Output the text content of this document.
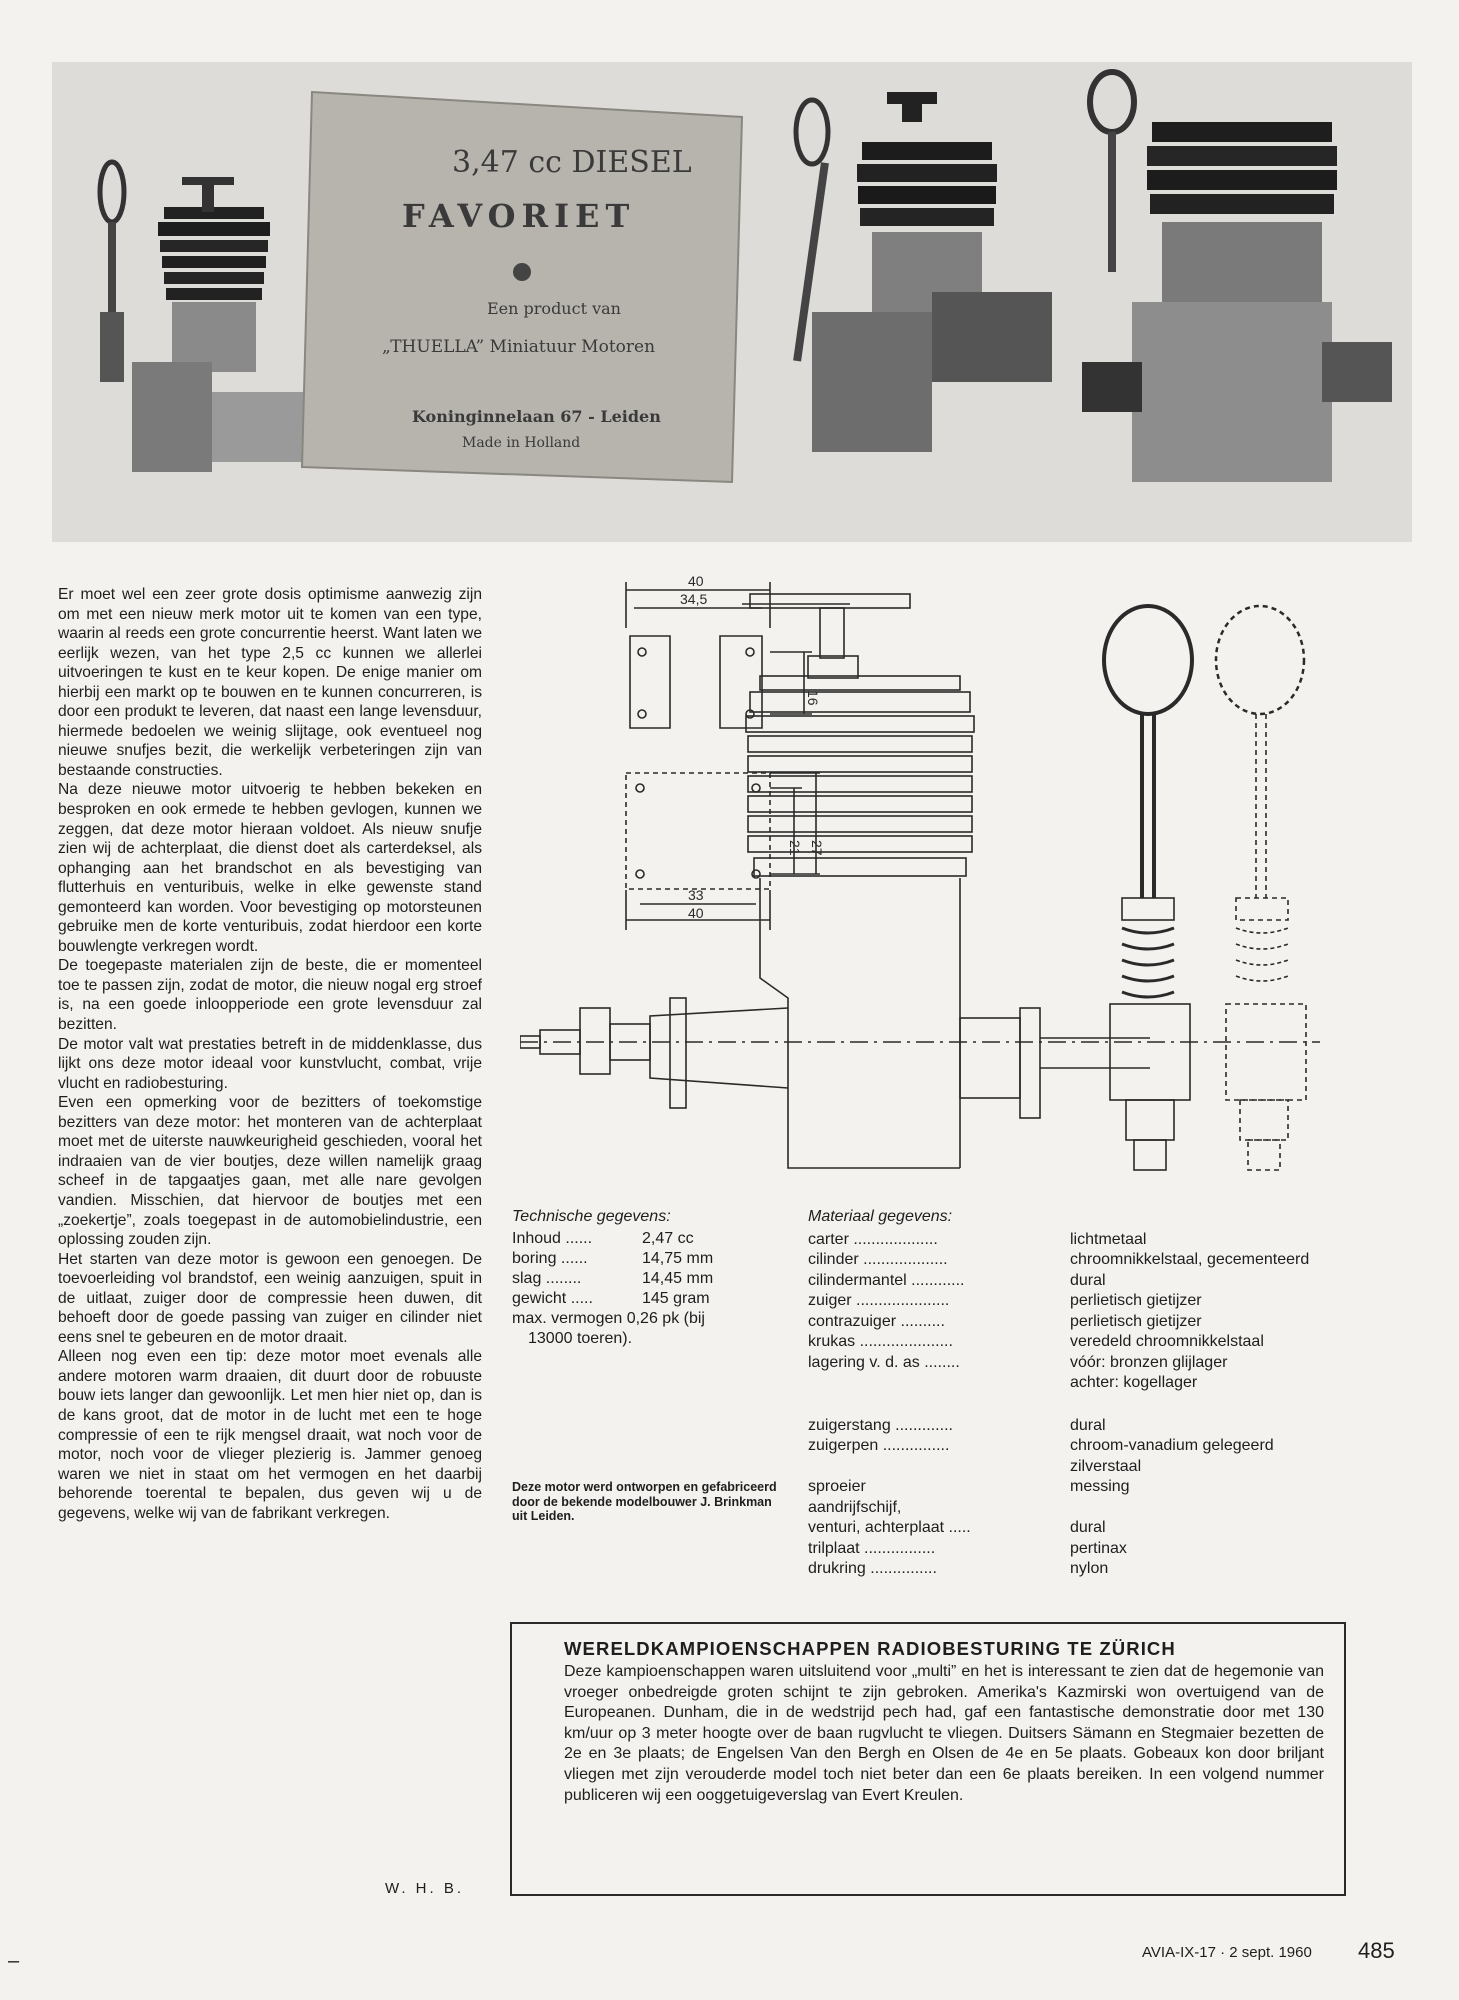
3,47 cc DIESEL
FAVORIET
Een product van
„THUELLA” Miniatuur Motoren
Koninginnelaan 67 - Leiden
Made in Holland

Er moet wel een zeer grote dosis optimisme aanwezig zijn om met een nieuw merk motor uit te komen van een type, waarin al reeds een grote concurrentie heerst. Want laten we eerlijk wezen, van het type 2,5 cc kunnen we allerlei uitvoeringen te kust en te keur kopen. De enige manier om hierbij een markt op te bouwen en te kunnen concurreren, is door een produkt te leveren, dat naast een lange levensduur, hiermede bedoelen we weinig slijtage, ook eventueel nog nieuwe snufjes bezit, die werkelijk verbeteringen zijn van bestaande constructies.

Na deze nieuwe motor uitvoerig te hebben bekeken en besproken en ook ermede te hebben gevlogen, kunnen we zeggen, dat deze motor hieraan voldoet. Als nieuw snufje zien wij de achterplaat, die dienst doet als carterdeksel, als ophanging aan het brandschot en als bevestiging van flutterhuis en venturibuis, welke in elke gewenste stand gemonteerd kan worden. Voor bevestiging op motorsteunen gebruike men de korte venturibuis, zodat hierdoor een korte bouwlengte verkregen wordt.

De toegepaste materialen zijn de beste, die er momenteel toe te passen zijn, zodat de motor, die nieuw nogal erg stroef is, na een goede inloopperiode een grote levensduur zal bezitten.

De motor valt wat prestaties betreft in de middenklasse, dus lijkt ons deze motor ideaal voor kunstvlucht, combat, vrije vlucht en radiobesturing.

Even een opmerking voor de bezitters of toekomstige bezitters van deze motor: het monteren van de achterplaat moet met de uiterste nauwkeurigheid geschieden, vooral het indraaien van de vier boutjes, deze willen namelijk graag scheef in de tapgaatjes gaan, met alle nare gevolgen vandien. Misschien, dat hiervoor de boutjes met een „zoekertje”, zoals toegepast in de automobielindustrie, een oplossing zouden zijn.

Het starten van deze motor is gewoon een genoegen. De toevoerleiding vol brandstof, een weinig aanzuigen, spuit in de uitlaat, zuiger door de compressie heen duwen, dit behoeft door de goede passing van zuiger en cilinder niet eens snel te gebeuren en de motor draait.

Alleen nog even een tip: deze motor moet evenals alle andere motoren warm draaien, dit duurt door de robuuste bouw iets langer dan gewoonlijk. Let men hier niet op, dan is de kans groot, dat de motor in de lucht met een te hoge compressie of een te rijk mengsel draait, wat noch voor de motor, noch voor de vlieger plezierig is. Jammer genoeg waren we niet in staat om het vermogen en het daarbij behorende toerental te bepalen, dus geven wij u de gegevens, welke wij van de fabrikant verkregen.

W. H. B.
40
34,5
16
21 27
33
40
Technische gegevens:
Inhoud ......	2,47 cc
boring ......	14,75 mm
slag ........	14,45 mm
gewicht .....	145 gram
max. vermogen 0,26 pk (bij
13000 toeren).
Deze motor werd ontworpen en gefabriceerd door de bekende modelbouwer J. Brinkman uit Leiden.
Materiaal gegevens:
carter ...................	lichtmetaal
cilinder ...................	chroomnikkelstaal, gecementeerd
cilindermantel ............	dural
zuiger .....................	perlietisch gietijzer
contrazuiger ..........	perlietisch gietijzer
krukas .....................	veredeld chroomnikkelstaal
lagering v. d. as ........	vóór: bronzen glijlager
achter: kogellager
zuigerstang .............	dural
zuigerpen ...............	chroom-vanadium gelegeerd
zilverstaal
sproeier	messing
aandrijfschijf,
venturi, achterplaat .....	dural
trilplaat ................	pertinax
drukring ...............	nylon
WERELDKAMPIOENSCHAPPEN RADIOBESTURING TE ZÜRICH

Deze kampioenschappen waren uitsluitend voor „multi” en het is interessant te zien dat de hegemonie van vroeger onbedreigde groten schijnt te zijn gebroken. Amerika's Kazmirski won overtuigend van de Europeanen. Dunham, die in de wedstrijd pech had, gaf een fantastische demonstratie door met 130 km/uur op 3 meter hoogte over de baan rugvlucht te vliegen. Duitsers Sämann en Stegmaier bezetten de 2e en 3e plaats; de Engelsen Van den Bergh en Olsen de 4e en 5e plaats. Gobeaux kon door briljant vliegen met zijn verouderde model toch niet beter dan een 6e plaats bereiken. In een volgend nummer publiceren wij een ooggetuigeverslag van Evert Kreulen.

–	AVIA-IX-17 · 2 sept. 1960 485
